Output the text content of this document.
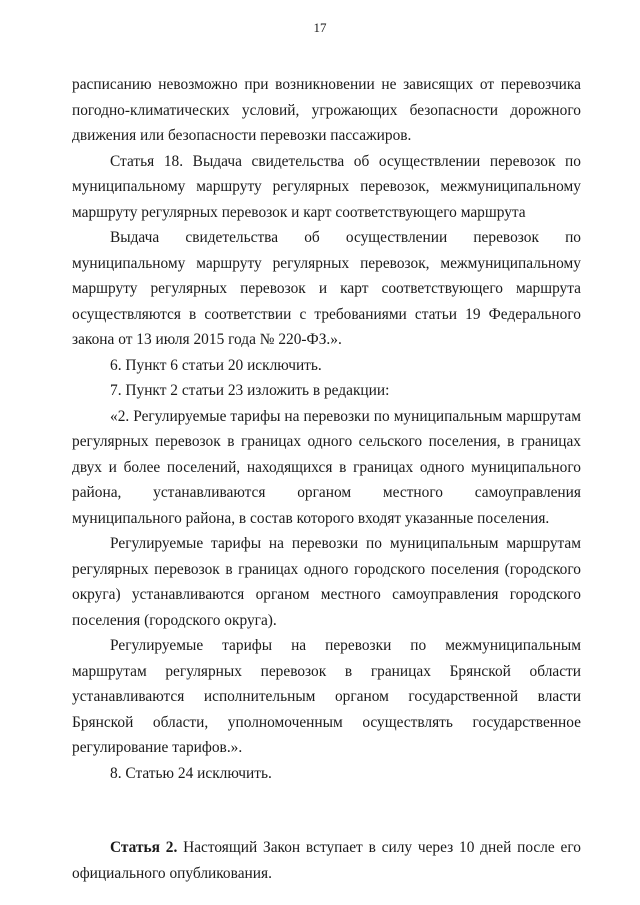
17

расписанию невозможно при возникновении не зависящих от перевозчика погодно-климатических условий, угрожающих безопасности дорожного движения или безопасности перевозки пассажиров.

Статья 18. Выдача свидетельства об осуществлении перевозок по муниципальному маршруту регулярных перевозок, межмуниципальному маршруту регулярных перевозок и карт соответствующего маршрута

Выдача свидетельства об осуществлении перевозок по муниципальному маршруту регулярных перевозок, межмуниципальному маршруту регулярных перевозок и карт соответствующего маршрута осуществляются в соответствии с требованиями статьи 19 Федерального закона от 13 июля 2015 года № 220-ФЗ.».

6. Пункт 6 статьи 20 исключить.

7. Пункт 2 статьи 23 изложить в редакции:

«2. Регулируемые тарифы на перевозки по муниципальным маршрутам регулярных перевозок в границах одного сельского поселения, в границах двух и более поселений, находящихся в границах одного муниципального района, устанавливаются органом местного самоуправления муниципального района, в состав которого входят указанные поселения.

Регулируемые тарифы на перевозки по муниципальным маршрутам регулярных перевозок в границах одного городского поселения (городского округа) устанавливаются органом местного самоуправления городского поселения (городского округа).

Регулируемые тарифы на перевозки по межмуниципальным маршрутам регулярных перевозок в границах Брянской области устанавливаются исполнительным органом государственной власти Брянской области, уполномоченным осуществлять государственное регулирование тарифов.».

8. Статью 24 исключить.

Статья 2. Настоящий Закон вступает в силу через 10 дней после его официального опубликования.
